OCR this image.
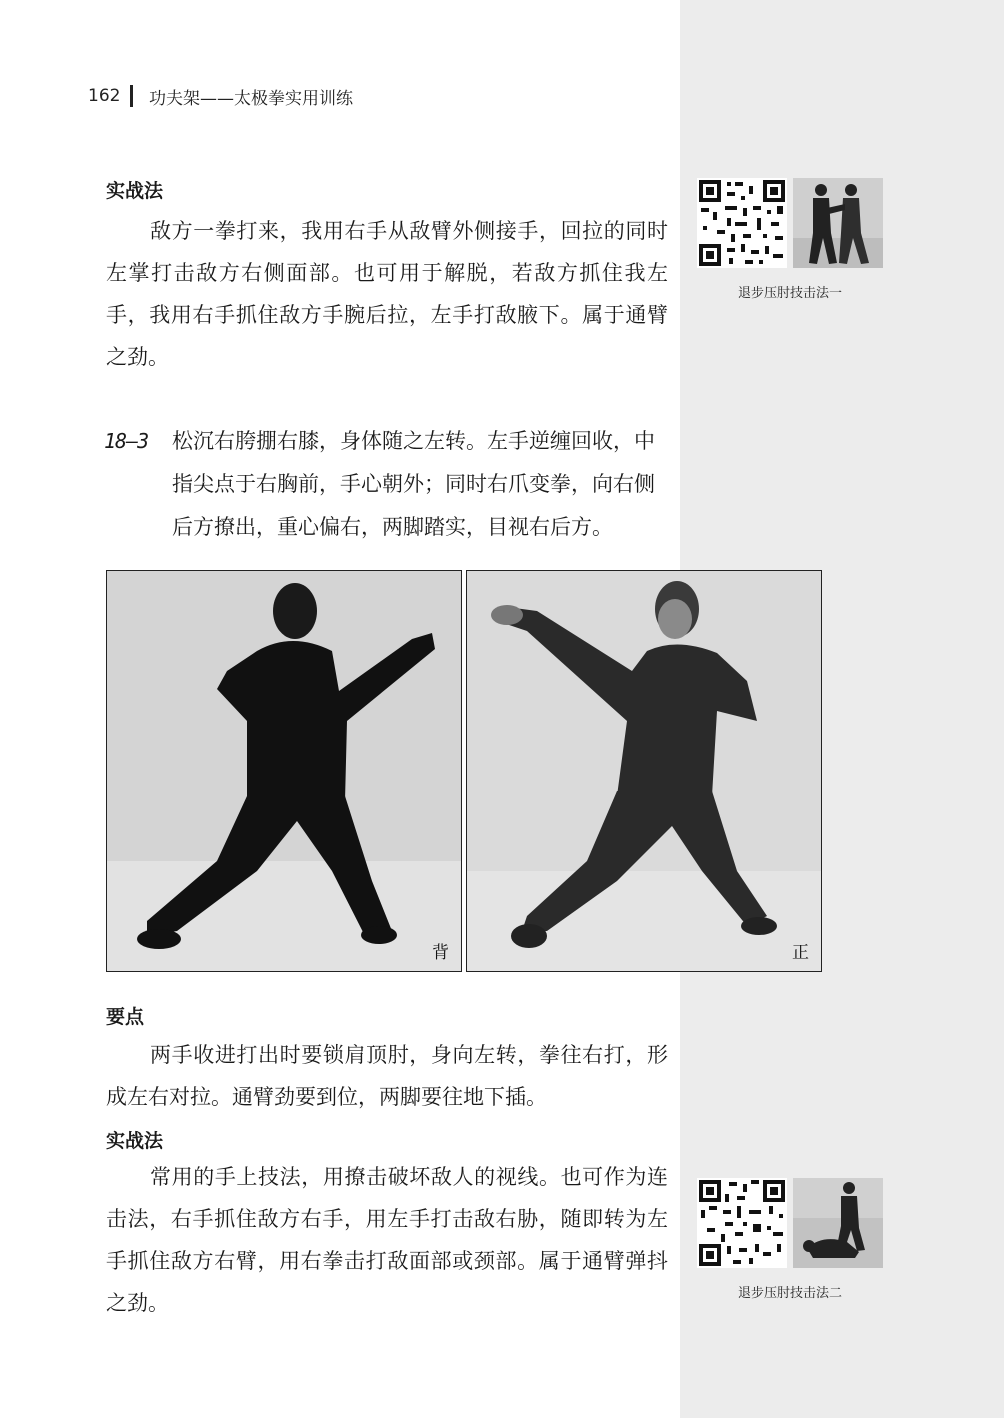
162	功夫架——太极拳实用训练
实战法

敌方一拳打来，我用右手从敌臂外侧接手，回拉的同时左掌打击敌方右侧面部。也可用于解脱，若敌方抓住我左手，我用右手抓住敌方手腕后拉，左手打敌腋下。属于通臂之劲。

18—3	松沉右胯掤右膝，身体随之左转。左手逆缠回收，中指尖点于右胸前，手心朝外；同时右爪变拳，向右侧后方撩出，重心偏右，两脚踏实，目视右后方。
背	正
要点

两手收进打出时要锁肩顶肘，身向左转，拳往右打，形成左右对拉。通臂劲要到位，两脚要往地下插。

实战法

常用的手上技法，用撩击破坏敌人的视线。也可作为连击法，右手抓住敌方右手，用左手打击敌右胁，随即转为左手抓住敌方右臂，用右拳击打敌面部或颈部。属于通臂弹抖之劲。

退步压肘技击法一
退步压肘技击法二
